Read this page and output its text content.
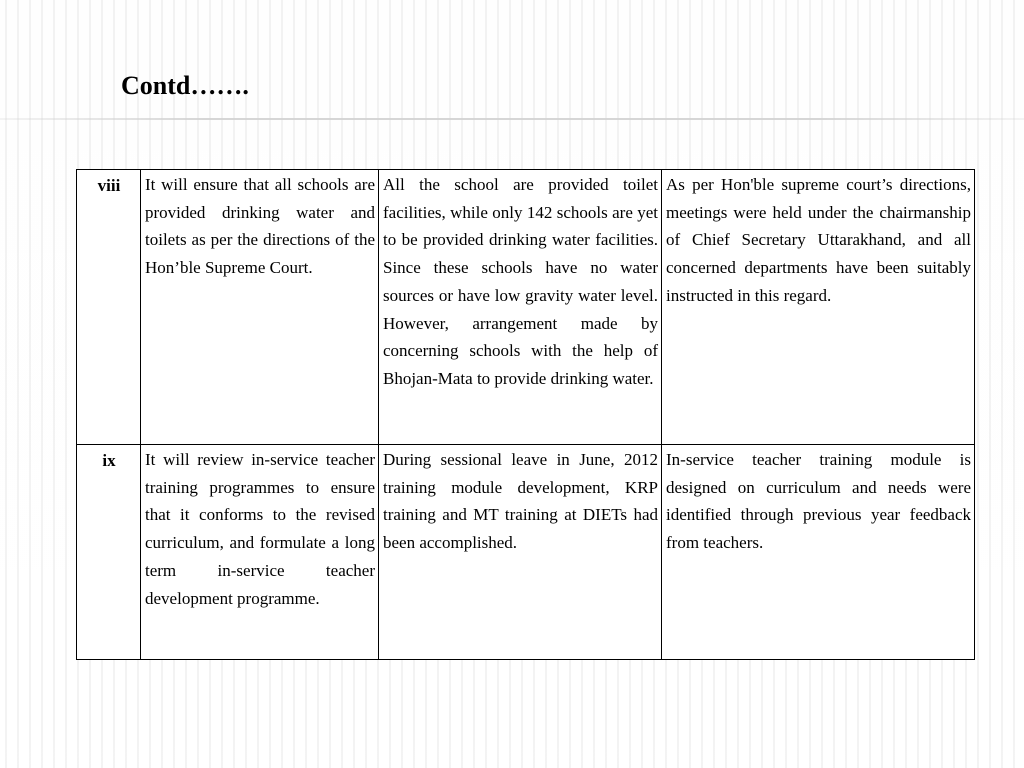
Contd…….
viii	It will ensure that all schools are provided drinking water and toilets as per the directions of the Hon’ble Supreme Court.	All the school are provided toilet facilities, while only 142 schools are yet to be provided drinking water facilities. Since these schools have no water sources or have low gravity water level. However, arrangement made by concerning schools with the help of Bhojan-Mata to provide drinking water.	As per Hon'ble supreme court’s directions, meetings were held under the chairmanship of Chief Secretary Uttarakhand, and all concerned departments have been suitably instructed in this regard.
ix	It will review in-service teacher training programmes to ensure that it conforms to the revised curriculum, and formulate a long term in-service teacher development programme.	During sessional leave in June, 2012 training module development, KRP training and MT training at DIETs had been accomplished.	In-service teacher training module is designed on curriculum and needs were identified through previous year feedback from teachers.
